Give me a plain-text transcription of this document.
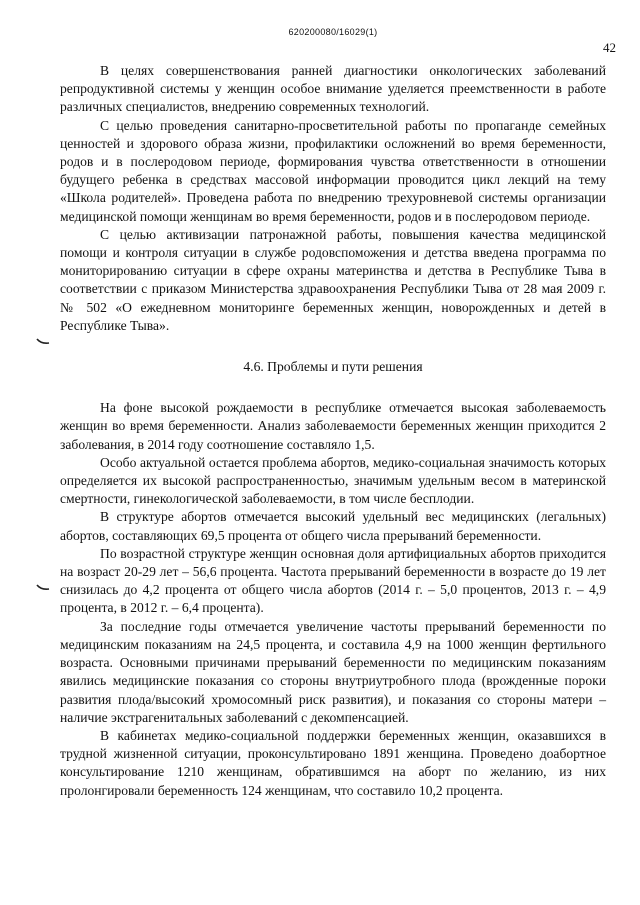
620200080/16029(1)
42

В целях совершенствования ранней диагностики онкологических заболеваний репродуктивной системы у женщин особое внимание уделяется преемственности в работе различных специалистов, внедрению современных технологий.

С целью проведения санитарно-просветительной работы по пропаганде семейных ценностей и здорового образа жизни, профилактики осложнений во время беременности, родов и в послеродовом периоде, формирования чувства ответственности в отношении будущего ребенка в средствах массовой информации проводится цикл лекций на тему «Школа родителей». Проведена работа по внедрению трехуровневой системы организации медицинской помощи женщинам во время беременности, родов и в послеродовом периоде.

С целью активизации патронажной работы, повышения качества медицинской помощи и контроля ситуации в службе родовспоможения и детства введена программа по мониторированию ситуации в сфере охраны материнства и детства в Республике Тыва в соответствии с приказом Министерства здравоохранения Республики Тыва от 28 мая 2009 г. № 502 «О ежедневном мониторинге беременных женщин, новорожденных и детей в Республике Тыва».

4.6. Проблемы и пути решения

На фоне высокой рождаемости в республике отмечается высокая заболеваемость женщин во время беременности. Анализ заболеваемости беременных женщин приходится 2 заболевания, в 2014 году соотношение составляло 1,5.

Особо актуальной остается проблема абортов, медико-социальная значимость которых определяется их высокой распространенностью, значимым удельным весом в материнской смертности, гинекологической заболеваемости, в том числе бесплодии.

В структуре абортов отмечается высокий удельный вес медицинских (легальных) абортов, составляющих 69,5 процента от общего числа прерываний беременности.

По возрастной структуре женщин основная доля артифициальных абортов приходится на возраст 20-29 лет – 56,6 процента. Частота прерываний беременности в возрасте до 19 лет снизилась до 4,2 процента от общего числа абортов (2014 г. – 5,0 процентов, 2013 г. – 4,9 процента, в 2012 г. – 6,4 процента).

За последние годы отмечается увеличение частоты прерываний беременности по медицинским показаниям на 24,5 процента, и составила 4,9 на 1000 женщин фертильного возраста. Основными причинами прерываний беременности по медицинским показаниям явились медицинские показания со стороны внутриутробного плода (врожденные пороки развития плода/высокий хромосомный риск развития), и показания со стороны матери – наличие экстрагенитальных заболеваний с декомпенсацией.

В кабинетах медико-социальной поддержки беременных женщин, оказавшихся в трудной жизненной ситуации, проконсультировано 1891 женщина. Проведено доабортное консультирование 1210 женщинам, обратившимся на аборт по желанию, из них пролонгировали беременность 124 женщинам, что составило 10,2 процента.
